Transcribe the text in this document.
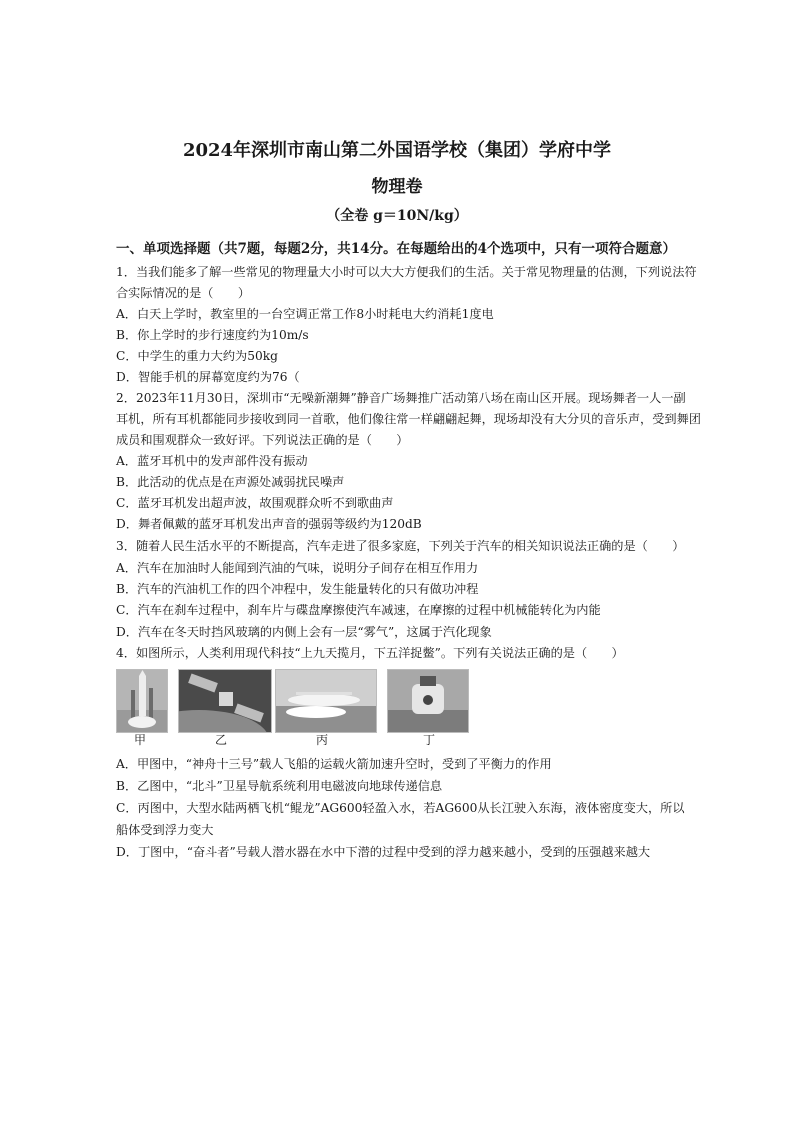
2024年深圳市南山第二外国语学校（集团）学府中学
物理卷
（全卷 g＝10N/kg）
一、单项选择题（共7题，每题2分，共14分。在每题给出的4个选项中，只有一项符合题意）
1．当我们能多了解一些常见的物理量大小时可以大大方便我们的生活。关于常见物理量的估测，下列说法符
合实际情况的是（　　）
A．白天上学时，教室里的一台空调正常工作8小时耗电大约消耗1度电
B．你上学时的步行速度约为10m/s
C．中学生的重力大约为50kg
D．智能手机的屏幕宽度约为76（
2．2023年11月30日，深圳市“无噪新潮舞”静音广场舞推广活动第八场在南山区开展。现场舞者一人一副
耳机，所有耳机都能同步接收到同一首歌，他们像往常一样翩翩起舞，现场却没有大分贝的音乐声，受到舞团
成员和围观群众一致好评。下列说法正确的是（　　）
A．蓝牙耳机中的发声部件没有振动
B．此活动的优点是在声源处减弱扰民噪声
C．蓝牙耳机发出超声波，故围观群众听不到歌曲声
D．舞者佩戴的蓝牙耳机发出声音的强弱等级约为120dB
3．随着人民生活水平的不断提高，汽车走进了很多家庭，下列关于汽车的相关知识说法正确的是（　　）
A．汽车在加油时人能闻到汽油的气味，说明分子间存在相互作用力
B．汽车的汽油机工作的四个冲程中，发生能量转化的只有做功冲程
C．汽车在刹车过程中，刹车片与碟盘摩擦使汽车减速，在摩擦的过程中机械能转化为内能
D．汽车在冬天时挡风玻璃的内侧上会有一层“雾气”，这属于汽化现象
4．如图所示，人类利用现代科技“上九天揽月，下五洋捉鳖”。下列有关说法正确的是（　　）
甲	乙	丙	丁
A．甲图中，“神舟十三号”载人飞船的运载火箭加速升空时，受到了平衡力的作用
B．乙图中，“北斗”卫星导航系统利用电磁波向地球传递信息
C．丙图中，大型水陆两栖飞机“鲲龙”AG600轻盈入水，若AG600从长江驶入东海，液体密度变大，所以
船体受到浮力变大
D．丁图中，“奋斗者”号载人潜水器在水中下潜的过程中受到的浮力越来越小，受到的压强越来越大
